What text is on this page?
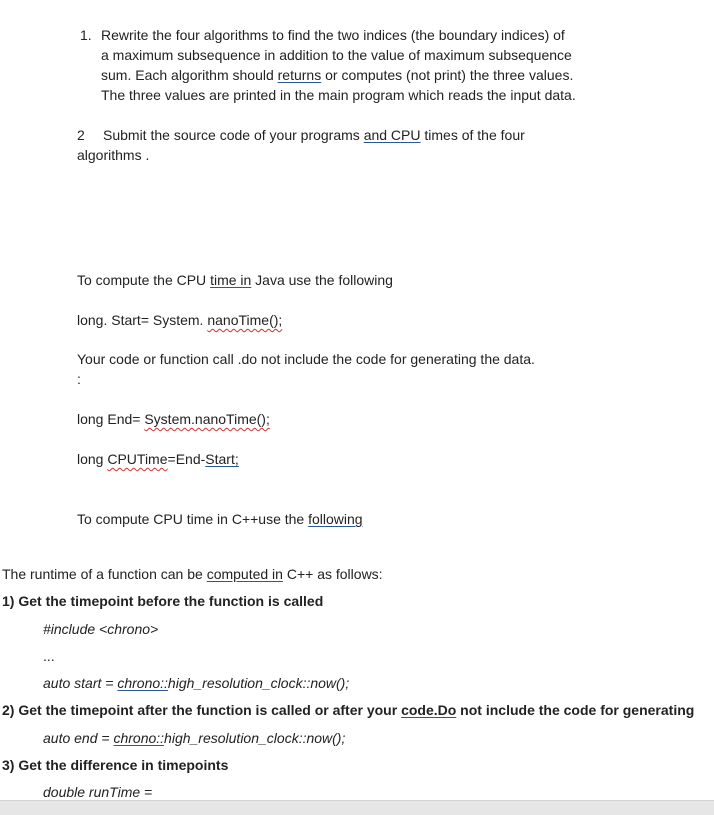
1. Rewrite the four algorithms to find the two indices (the boundary indices) of
a maximum subsequence in addition to the value of maximum subsequence
sum. Each algorithm should returns or computes (not print) the three values.
The three values are printed in the main program which reads the input data.
2 Submit the source code of your programs and CPU times of the four
algorithms .
To compute the CPU time in Java use the following
long. Start= System. nanoTime();
Your code or function call .do not include the code for generating the data.
:
long End= System.nanoTime();
long CPUTime=End-Start;
To compute CPU time in C++use the following
The runtime of a function can be computed in C++ as follows:
1) Get the timepoint before the function is called
#include <chrono>
...
auto start = chrono::high_resolution_clock::now();
2) Get the timepoint after the function is called or after your code.Do not include the code for generating
auto end = chrono::high_resolution_clock::now();
3) Get the difference in timepoints
double runTime =
